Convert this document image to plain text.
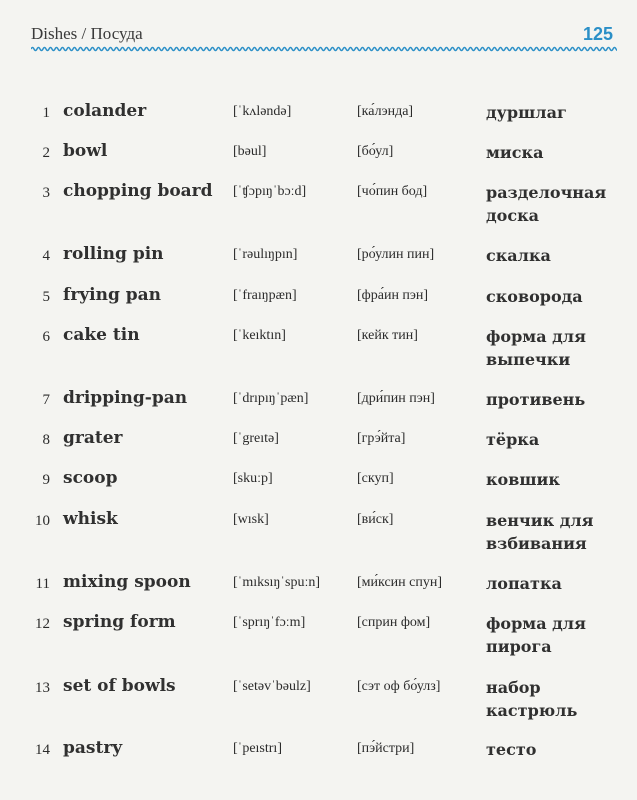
Dishes / Посуда	125
1 colander	[ˈkʌləndə]	[ка́лэнда]	дуршлаг
2 bowl	[bəul]	[бо́ул]	миска
3 chopping board [ˈʧɔpıŋˈbɔːd]	[чо́пин бод]	разделочная доска
4 rolling pin	[ˈrəulıŋpın]	[ро́улин пин]	скалка
5 frying pan	[ˈfraıŋpæn]	[фра́ин пэн]	сковорода
6 cake tin	[ˈkeıktın]	[кейк тин]	форма для выпечки
7 dripping-pan	[ˈdrıpıŋˈpæn]	[дри́пин пэн]	противень
8 grater	[ˈgreıtə]	[грэ́йта]	тёрка
9 scoop	[skuːp]	[скуп]	ковшик
10 whisk	[wısk]	[ви́ск]	венчик для взбивания
11 mixing spoon	[ˈmıksıŋˈspuːn]	[ми́ксин спун]	лопатка
12 spring form	[ˈsprıŋˈfɔːm]	[сприн фом]	форма для пирога
13 set of bowls	[ˈsetəvˈbəulz]	[сэт оф бо́улз]	набор кастрюль
14 pastry	[ˈpeıstrı]	[пэ́йстри]	тесто
